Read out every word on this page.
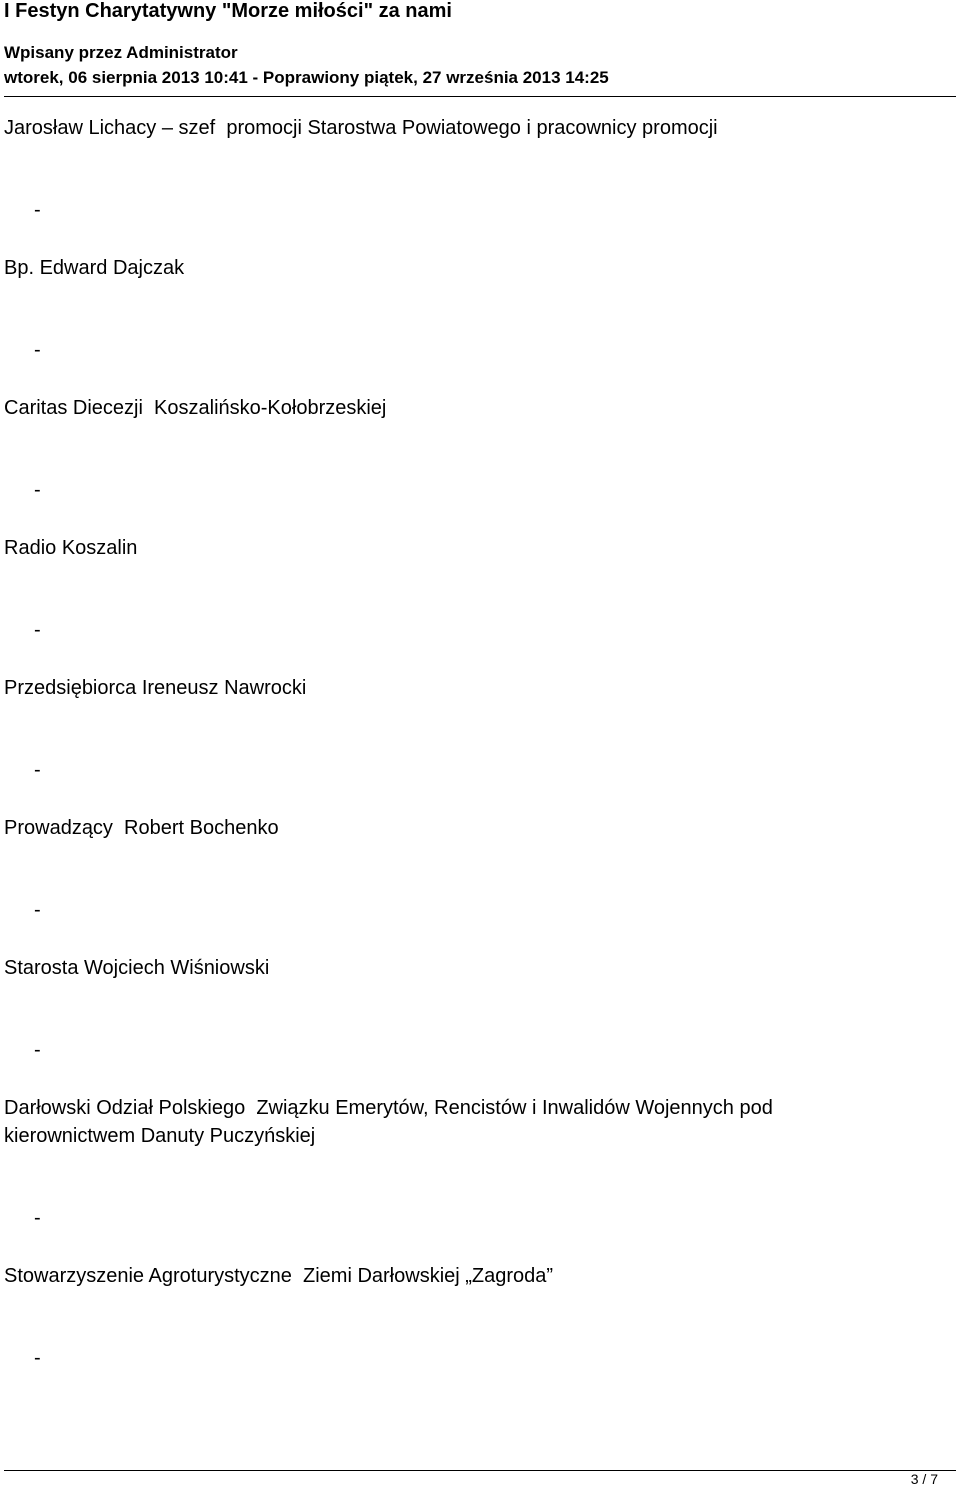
I Festyn Charytatywny "Morze miłości" za nami
Wpisany przez Administrator
wtorek, 06 sierpnia 2013 10:41 - Poprawiony piątek, 27 września 2013 14:25
Jarosław Lichacy – szef  promocji Starostwa Powiatowego i pracownicy promocji
-
Bp. Edward Dajczak
-
Caritas Diecezji  Koszalińsko-Kołobrzeskiej
-
Radio Koszalin
-
Przedsiębiorca Ireneusz Nawrocki
-
Prowadzący  Robert Bochenko
-
Starosta Wojciech Wiśniowski
-
Darłowski Odział Polskiego  Związku Emerytów, Rencistów i Inwalidów Wojennych pod
kierownictwem Danuty Puczyńskiej
-
Stowarzyszenie Agroturystyczne  Ziemi Darłowskiej „Zagroda”
-
3 / 7
